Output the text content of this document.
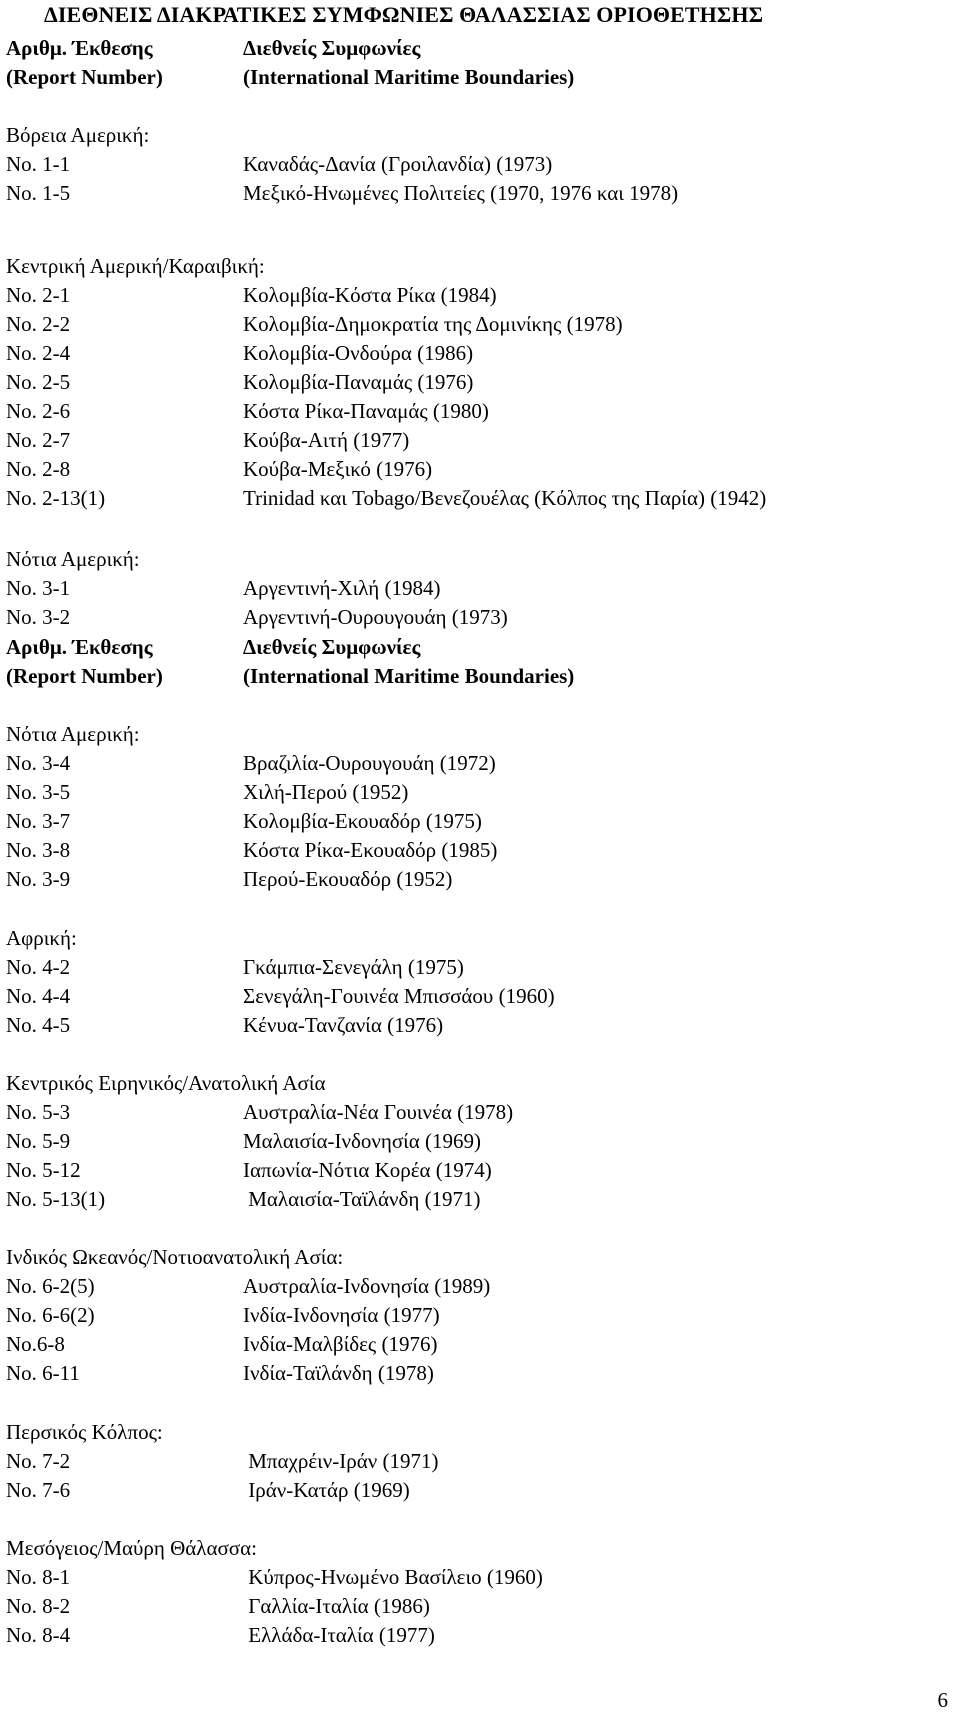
ΔΙΕΘΝΕΙΣ ΔΙΑΚΡΑΤΙΚΕΣ ΣΥΜΦΩΝΙΕΣ ΘΑΛΑΣΣΙΑΣ ΟΡΙΟΘΕΤΗΣΗΣ
Αριθμ. Έκθεσης	Διεθνείς Συμφωνίες
(Report Number)	(International Maritime Boundaries)
Βόρεια Αμερική:
No. 1-1	Καναδάς-Δανία (Γροιλανδία) (1973)
No. 1-5	Μεξικό-Ηνωμένες Πολιτείες (1970, 1976 και 1978)
Κεντρική Αμερική/Καραιβική:
No. 2-1	Κολομβία-Κόστα Ρίκα (1984)
No. 2-2	Κολομβία-Δημοκρατία της Δομινίκης (1978)
No. 2-4	Κολομβία-Ονδούρα (1986)
No. 2-5	Κολομβία-Παναμάς (1976)
No. 2-6	Κόστα Ρίκα-Παναμάς (1980)
No. 2-7	Κούβα-Αιτή (1977)
No. 2-8	Κούβα-Μεξικό (1976)
No. 2-13(1)	Trinidad και Tobago/Βενεζουέλας (Κόλπος της Παρία) (1942)
Νότια Αμερική:
No. 3-1	Αργεντινή-Χιλή (1984)
No. 3-2	Αργεντινή-Ουρουγουάη (1973)
Αριθμ. Έκθεσης	Διεθνείς Συμφωνίες
(Report Number)	(International Maritime Boundaries)
Νότια Αμερική:
No. 3-4	Βραζιλία-Ουρουγουάη (1972)
No. 3-5	Χιλή-Περού (1952)
No. 3-7	Κολομβία-Εκουαδόρ (1975)
No. 3-8	Κόστα Ρίκα-Εκουαδόρ (1985)
No. 3-9	Περού-Εκουαδόρ (1952)
Αφρική:
No. 4-2	Γκάμπια-Σενεγάλη (1975)
No. 4-4	Σενεγάλη-Γουινέα Μπισσάου (1960)
No. 4-5	Κένυα-Τανζανία (1976)
Κεντρικός Ειρηνικός/Ανατολική Ασία
No. 5-3	Αυστραλία-Νέα Γουινέα (1978)
No. 5-9	Μαλαισία-Ινδονησία (1969)
No. 5-12	Ιαπωνία-Νότια Κορέα (1974)
No. 5-13(1)	Μαλαισία-Ταϊλάνδη (1971)
Ινδικός Ωκεανός/Νοτιοανατολική Ασία:
No. 6-2(5)	Αυστραλία-Ινδονησία (1989)
No. 6-6(2)	Ινδία-Ινδονησία (1977)
No.6-8	Ινδία-Μαλβίδες (1976)
No. 6-11	Ινδία-Ταϊλάνδη (1978)
Περσικός Κόλπος:
No. 7-2	Μπαχρέιν-Ιράν (1971)
No. 7-6	Ιράν-Κατάρ (1969)
Μεσόγειος/Μαύρη Θάλασσα:
No. 8-1	Κύπρος-Ηνωμένο Βασίλειο (1960)
No. 8-2	Γαλλία-Ιταλία (1986)
No. 8-4	Ελλάδα-Ιταλία (1977)
6
